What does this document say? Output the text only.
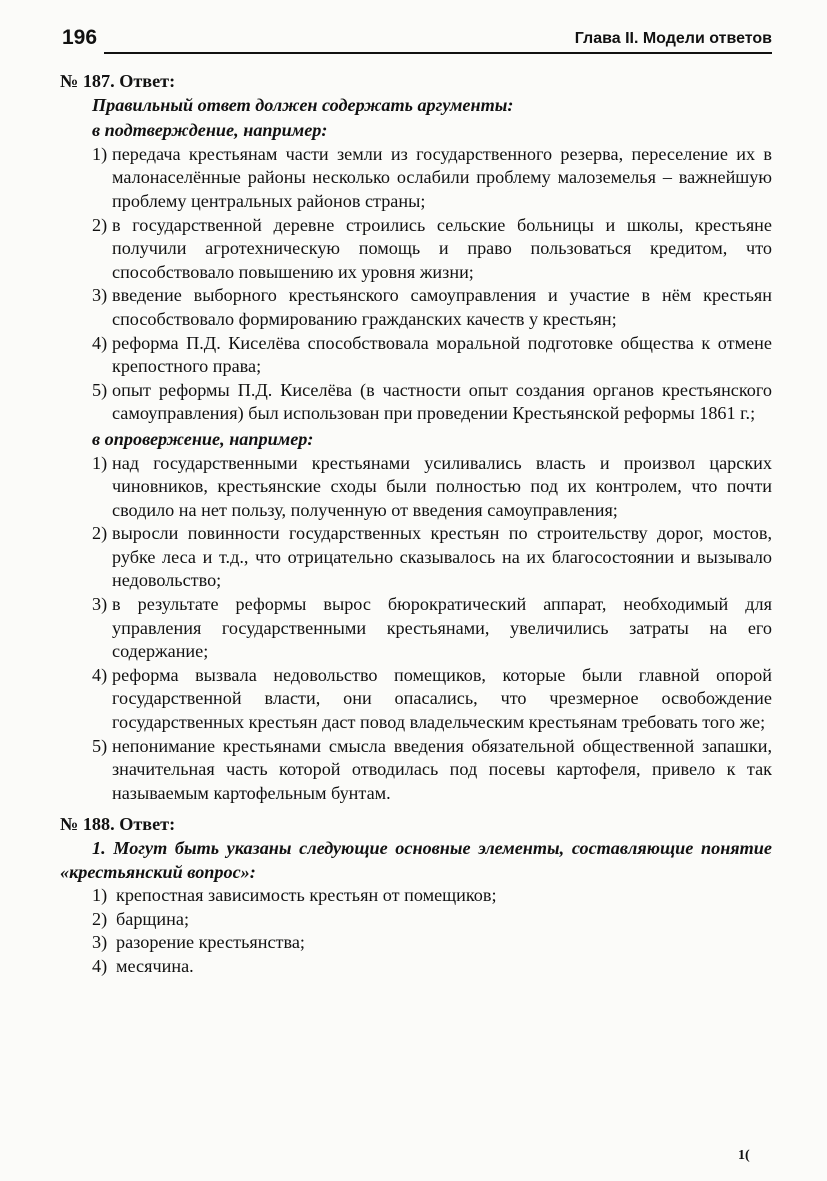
196	Глава II. Модели ответов

№ 187. Ответ:

Правильный ответ должен содержать аргументы:

в подтверждение, например:

1) передача крестьянам части земли из государственного резерва, переселение их в малонаселённые районы несколько ослабили проблему малоземелья – важнейшую проблему центральных районов страны;
2) в государственной деревне строились сельские больницы и школы, крестьяне получили агротехническую помощь и право пользоваться кредитом, что способствовало повышению их уровня жизни;
3) введение выборного крестьянского самоуправления и участие в нём крестьян способствовало формированию гражданских качеств у крестьян;
4) реформа П.Д. Киселёва способствовала моральной подготовке общества к отмене крепостного права;
5) опыт реформы П.Д. Киселёва (в частности опыт создания органов крестьянского самоуправления) был использован при проведении Крестьянской реформы 1861 г.;

в опровержение, например:

1) над государственными крестьянами усиливались власть и произвол царских чиновников, крестьянские сходы были полностью под их контролем, что почти сводило на нет пользу, полученную от введения самоуправления;
2) выросли повинности государственных крестьян по строительству дорог, мостов, рубке леса и т.д., что отрицательно сказывалось на их благосостоянии и вызывало недовольство;
3) в результате реформы вырос бюрократический аппарат, необходимый для управления государственными крестьянами, увеличились затраты на его содержание;
4) реформа вызвала недовольство помещиков, которые были главной опорой государственной власти, они опасались, что чрезмерное освобождение государственных крестьян даст повод владельческим крестьянам требовать того же;
5) непонимание крестьянами смысла введения обязательной общественной запашки, значительная часть которой отводилась под посевы картофеля, привело к так называемым картофельным бунтам.

№ 188. Ответ:

1. Могут быть указаны следующие основные элементы, составляющие понятие «крестьянский вопрос»:

1) крепостная зависимость крестьян от помещиков;
2) барщина;
3) разорение крестьянства;
4) месячина.
1(
